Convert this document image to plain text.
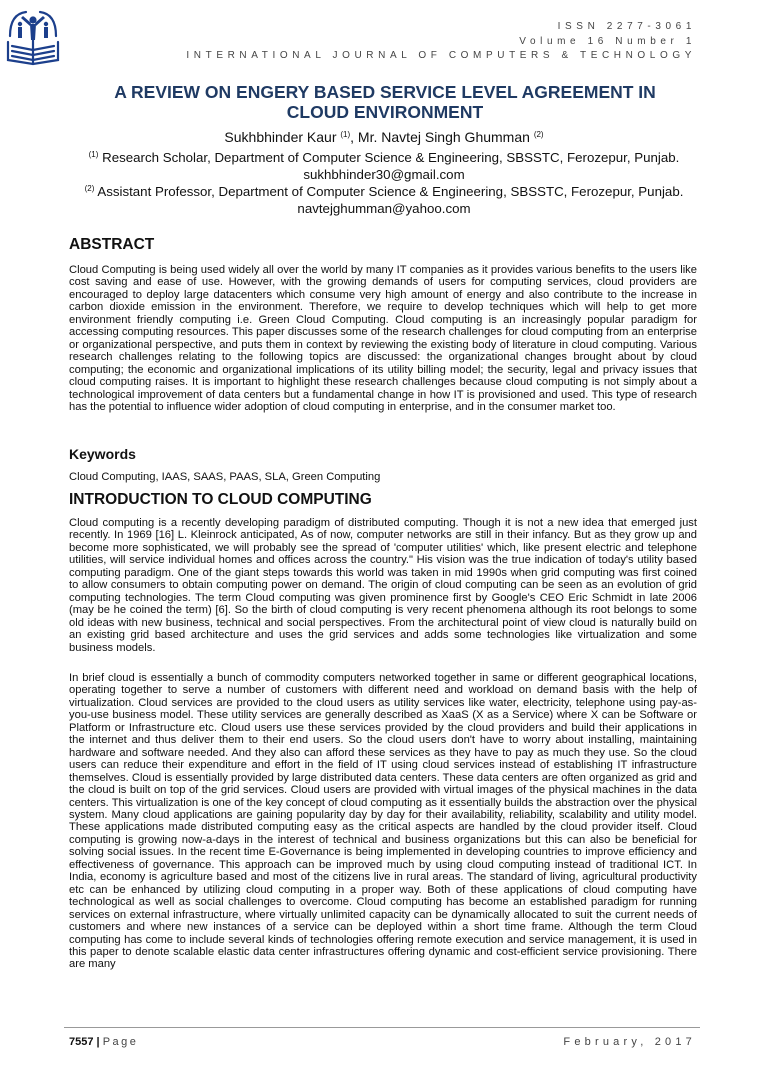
ISSN 2277-3061
Volume 16 Number 1
INTERNATIONAL JOURNAL OF COMPUTERS & TECHNOLOGY
A REVIEW ON ENGERY BASED SERVICE LEVEL AGREEMENT IN
CLOUD ENVIRONMENT
Sukhbhinder Kaur $^{(1)}$, Mr. Navtej Singh Ghumman $^{(2)}$
$^{(1)}$ Research Scholar, Department of Computer Science & Engineering, SBSSTC, Ferozepur, Punjab.
sukhbhinder30@gmail.com
$^{(2)}$ Assistant Professor, Department of Computer Science & Engineering, SBSSTC, Ferozepur, Punjab.
navtejghumman@yahoo.com
ABSTRACT
Cloud Computing is being used widely all over the world by many IT companies as it provides various benefits to the users like cost saving and ease of use. However, with the growing demands of users for computing services, cloud providers are encouraged to deploy large datacenters which consume very high amount of energy and also contribute to the increase in carbon dioxide emission in the environment. Therefore, we require to develop techniques which will help to get more environment friendly computing i.e. Green Cloud Computing. Cloud computing is an increasingly popular paradigm for accessing computing resources. This paper discusses some of the research challenges for cloud computing from an enterprise or organizational perspective, and puts them in context by reviewing the existing body of literature in cloud computing. Various research challenges relating to the following topics are discussed: the organizational changes brought about by cloud computing; the economic and organizational implications of its utility billing model; the security, legal and privacy issues that cloud computing raises. It is important to highlight these research challenges because cloud computing is not simply about a technological improvement of data centers but a fundamental change in how IT is provisioned and used. This type of research has the potential to influence wider adoption of cloud computing in enterprise, and in the consumer market too.
Keywords
Cloud Computing, IAAS, SAAS, PAAS, SLA, Green Computing
INTRODUCTION TO CLOUD COMPUTING
Cloud computing is a recently developing paradigm of distributed computing. Though it is not a new idea that emerged just recently. In 1969 [16] L. Kleinrock anticipated, As of now, computer networks are still in their infancy. But as they grow up and become more sophisticated, we will probably see the spread of 'computer utilities' which, like present electric and telephone utilities, will service individual homes and offices across the country." His vision was the true indication of today's utility based computing paradigm. One of the giant steps towards this world was taken in mid 1990s when grid computing was first coined to allow consumers to obtain computing power on demand. The origin of cloud computing can be seen as an evolution of grid computing technologies. The term Cloud computing was given prominence first by Google's CEO Eric Schmidt in late 2006 (may be he coined the term) [6]. So the birth of cloud computing is very recent phenomena although its root belongs to some old ideas with new business, technical and social perspectives. From the architectural point of view cloud is naturally build on an existing grid based architecture and uses the grid services and adds some technologies like virtualization and some business models.
In brief cloud is essentially a bunch of commodity computers networked together in same or different geographical locations, operating together to serve a number of customers with different need and workload on demand basis with the help of virtualization. Cloud services are provided to the cloud users as utility services like water, electricity, telephone using pay-as-you-use business model. These utility services are generally described as XaaS (X as a Service) where X can be Software or Platform or Infrastructure etc. Cloud users use these services provided by the cloud providers and build their applications in the internet and thus deliver them to their end users. So the cloud users don't have to worry about installing, maintaining hardware and software needed. And they also can afford these services as they have to pay as much they use. So the cloud users can reduce their expenditure and effort in the field of IT using cloud services instead of establishing IT infrastructure themselves. Cloud is essentially provided by large distributed data centers. These data centers are often organized as grid and the cloud is built on top of the grid services. Cloud users are provided with virtual images of the physical machines in the data centers. This virtualization is one of the key concept of cloud computing as it essentially builds the abstraction over the physical system. Many cloud applications are gaining popularity day by day for their availability, reliability, scalability and utility model. These applications made distributed computing easy as the critical aspects are handled by the cloud provider itself. Cloud computing is growing now-a-days in the interest of technical and business organizations but this can also be beneficial for solving social issues. In the recent time E-Governance is being implemented in developing countries to improve efficiency and effectiveness of governance. This approach can be improved much by using cloud computing instead of traditional ICT. In India, economy is agriculture based and most of the citizens live in rural areas. The standard of living, agricultural productivity etc can be enhanced by utilizing cloud computing in a proper way. Both of these applications of cloud computing have technological as well as social challenges to overcome. Cloud computing has become an established paradigm for running services on external infrastructure, where virtually unlimited capacity can be dynamically allocated to suit the current needs of customers and where new instances of a service can be deployed within a short time frame. Although the term Cloud computing has come to include several kinds of technologies offering remote execution and service management, it is used in this paper to denote scalable elastic data center infrastructures offering dynamic and cost-efficient service provisioning. There are many
7557 | Page	February, 2017
